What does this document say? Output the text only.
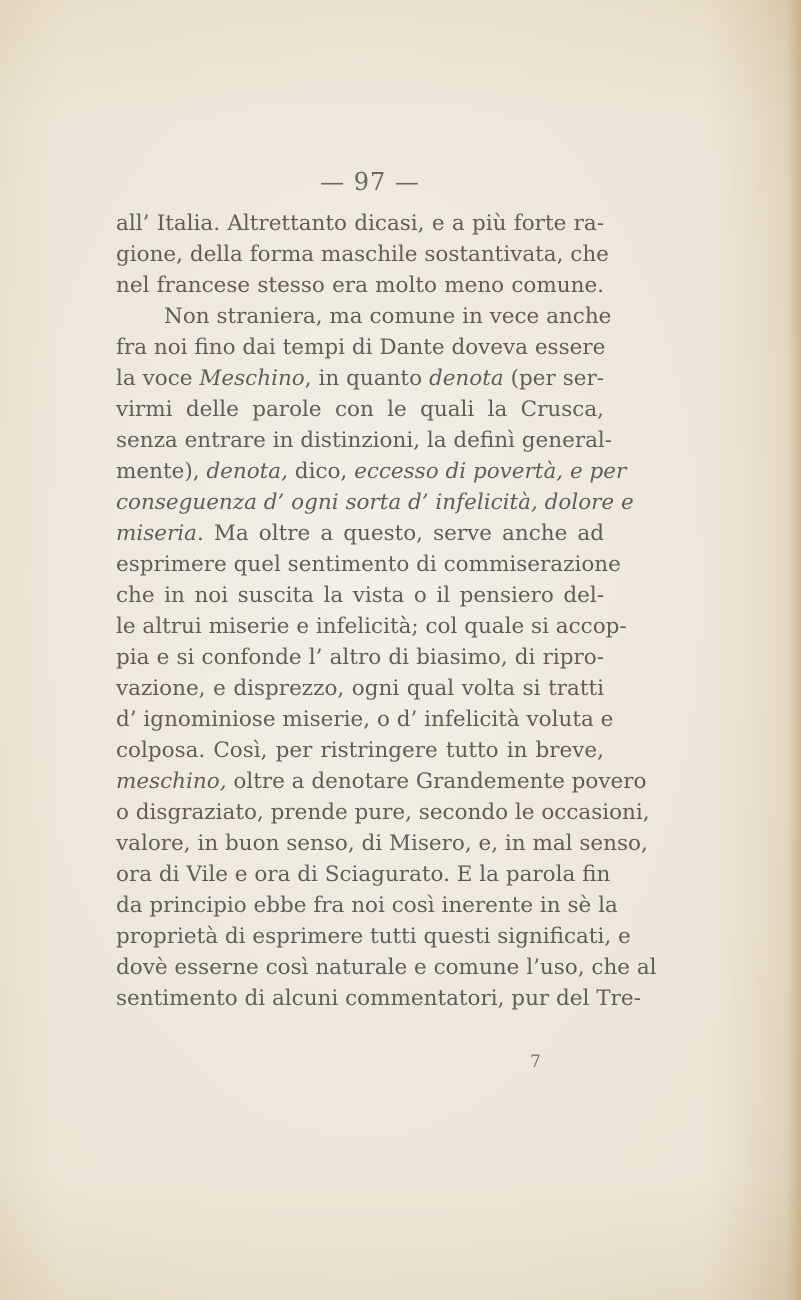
— 97 —
all’ Italia. Altrettanto dicasi, e a più forte ra-
gione, della forma maschile sostantivata, che
nel francese stesso era molto meno comune.
Non straniera, ma comune in vece anche
fra noi fino dai tempi di Dante doveva essere
la voce Meschino, in quanto denota (per ser-
virmi delle parole con le quali la Crusca,
senza entrare in distinzioni, la definì general-
mente), denota, dico, eccesso di povertà, e per
conseguenza d’ ogni sorta d’ infelicità, dolore e
miseria. Ma oltre a questo, serve anche ad
esprimere quel sentimento di commiserazione
che in noi suscita la vista o il pensiero del-
le altrui miserie e infelicità; col quale si accop-
pia e si confonde l’ altro di biasimo, di ripro-
vazione, e disprezzo, ogni qual volta si tratti
d’ ignominiose miserie, o d’ infelicità voluta e
colposa. Così, per ristringere tutto in breve,
meschino, oltre a denotare Grandemente povero
o disgraziato, prende pure, secondo le occasioni,
valore, in buon senso, di Misero, e, in mal senso,
ora di Vile e ora di Sciagurato. E la parola fin
da principio ebbe fra noi così inerente in sè la
proprietà di esprimere tutti questi significati, e
dovè esserne così naturale e comune l’uso, che al
sentimento di alcuni commentatori, pur del Tre-
7
